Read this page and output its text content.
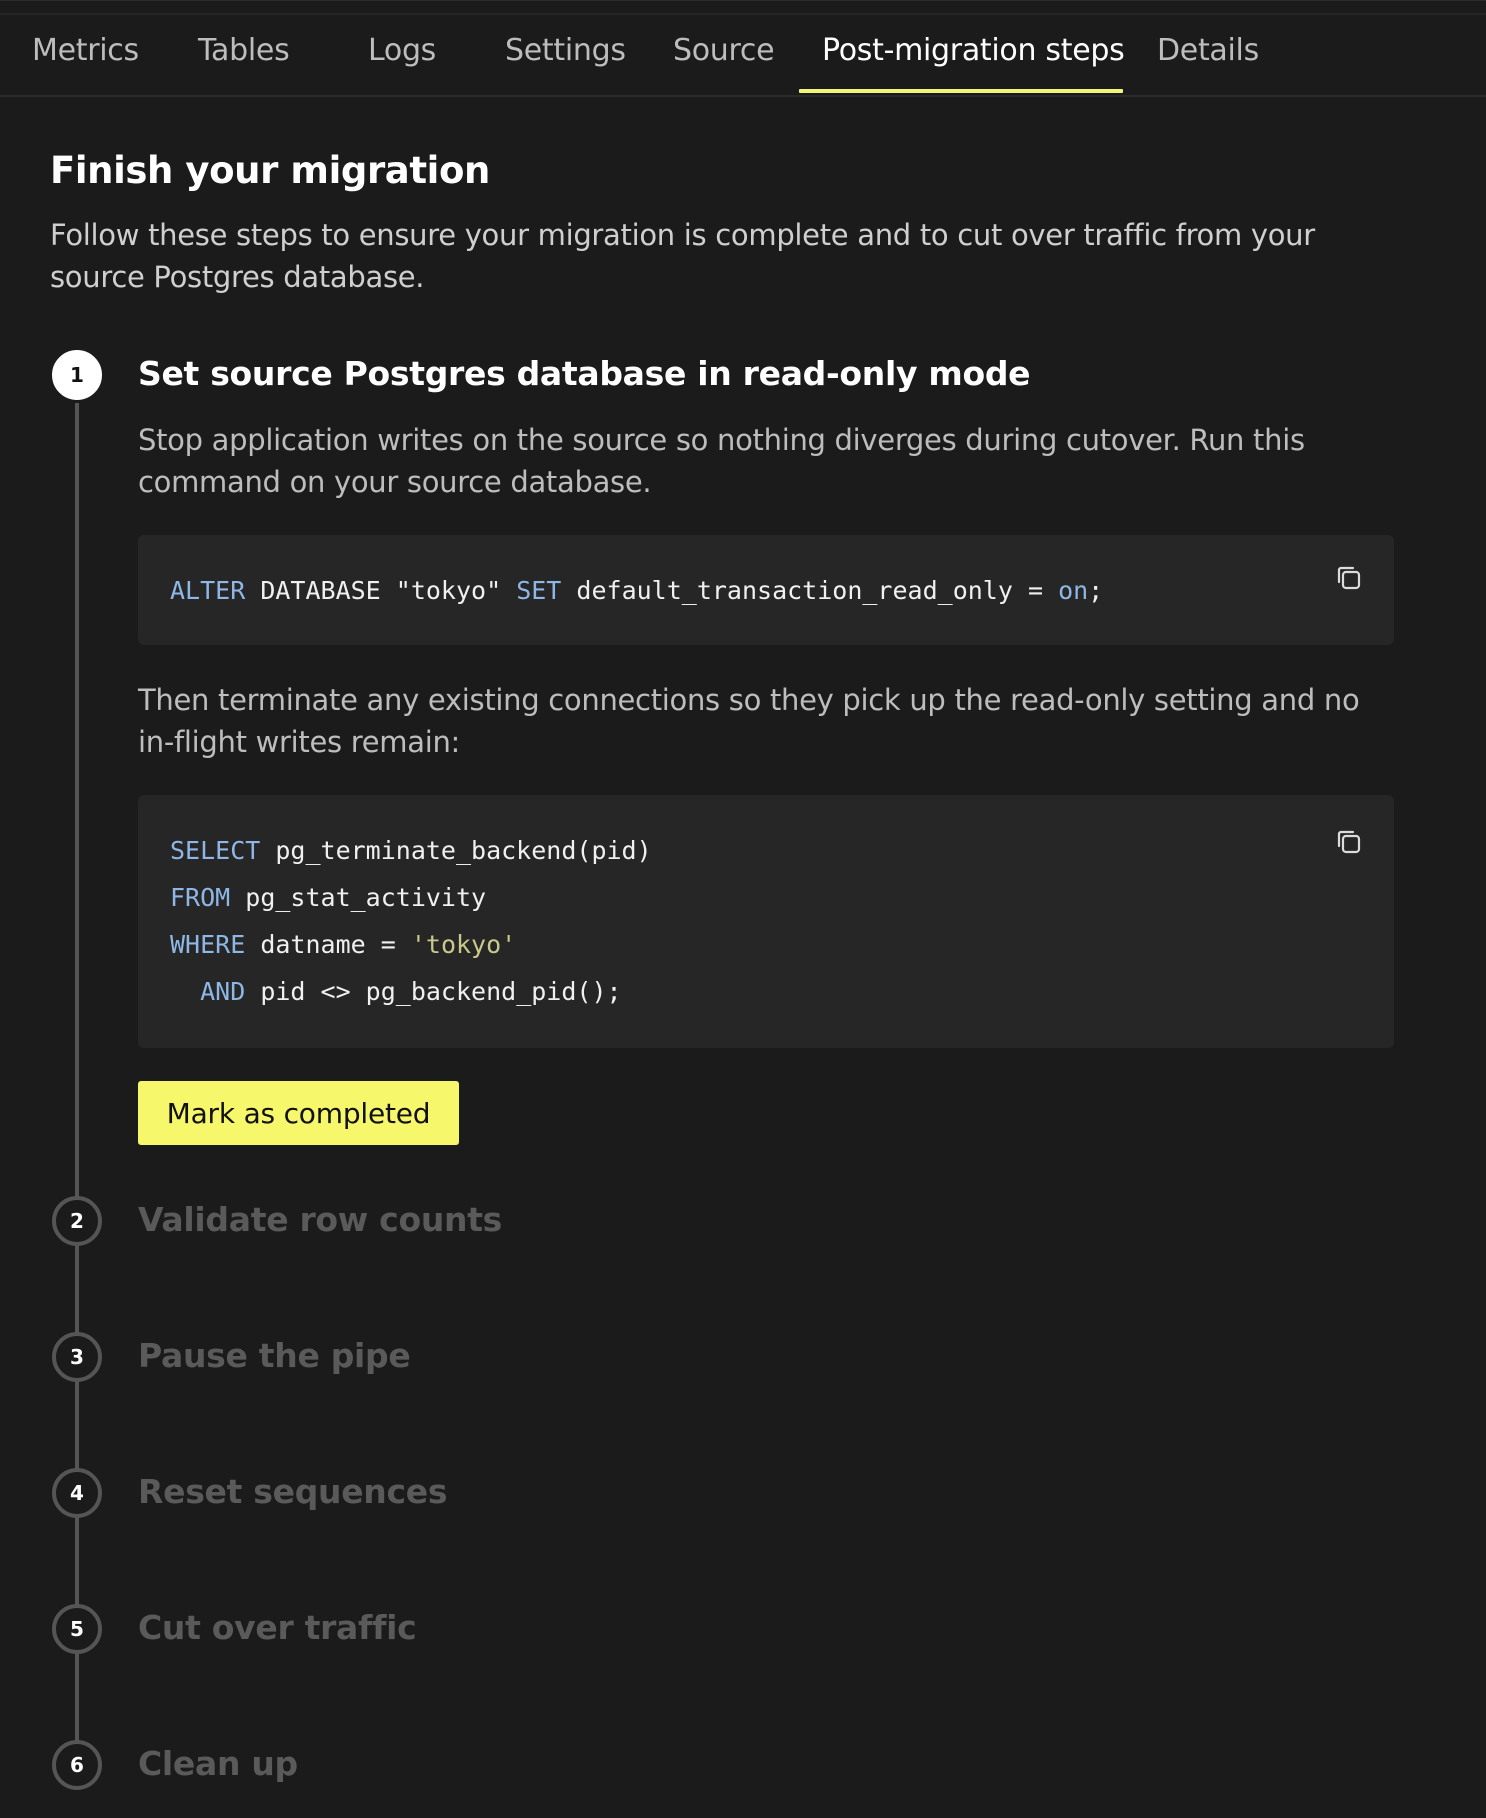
Metrics Tables	Logs Settings Source Post-migration steps Details
Finish your migration
Follow these steps to ensure your migration is complete and to cut over traffic from your source Postgres database.
1	Set source Postgres database in read-only mode
Stop application writes on the source so nothing diverges during cutover. Run this command on your source database.
ALTER DATABASE "tokyo" SET default_transaction_read_only = on;
Then terminate any existing connections so they pick up the read-only setting and no in-flight writes remain:
SELECT pg_terminate_backend(pid)
FROM pg_stat_activity
WHERE datname = 'tokyo'
AND pid <> pg_backend_pid();
Mark as completed
2	Validate row counts
3	Pause the pipe
4	Reset sequences
5	Cut over traffic
6	Clean up
